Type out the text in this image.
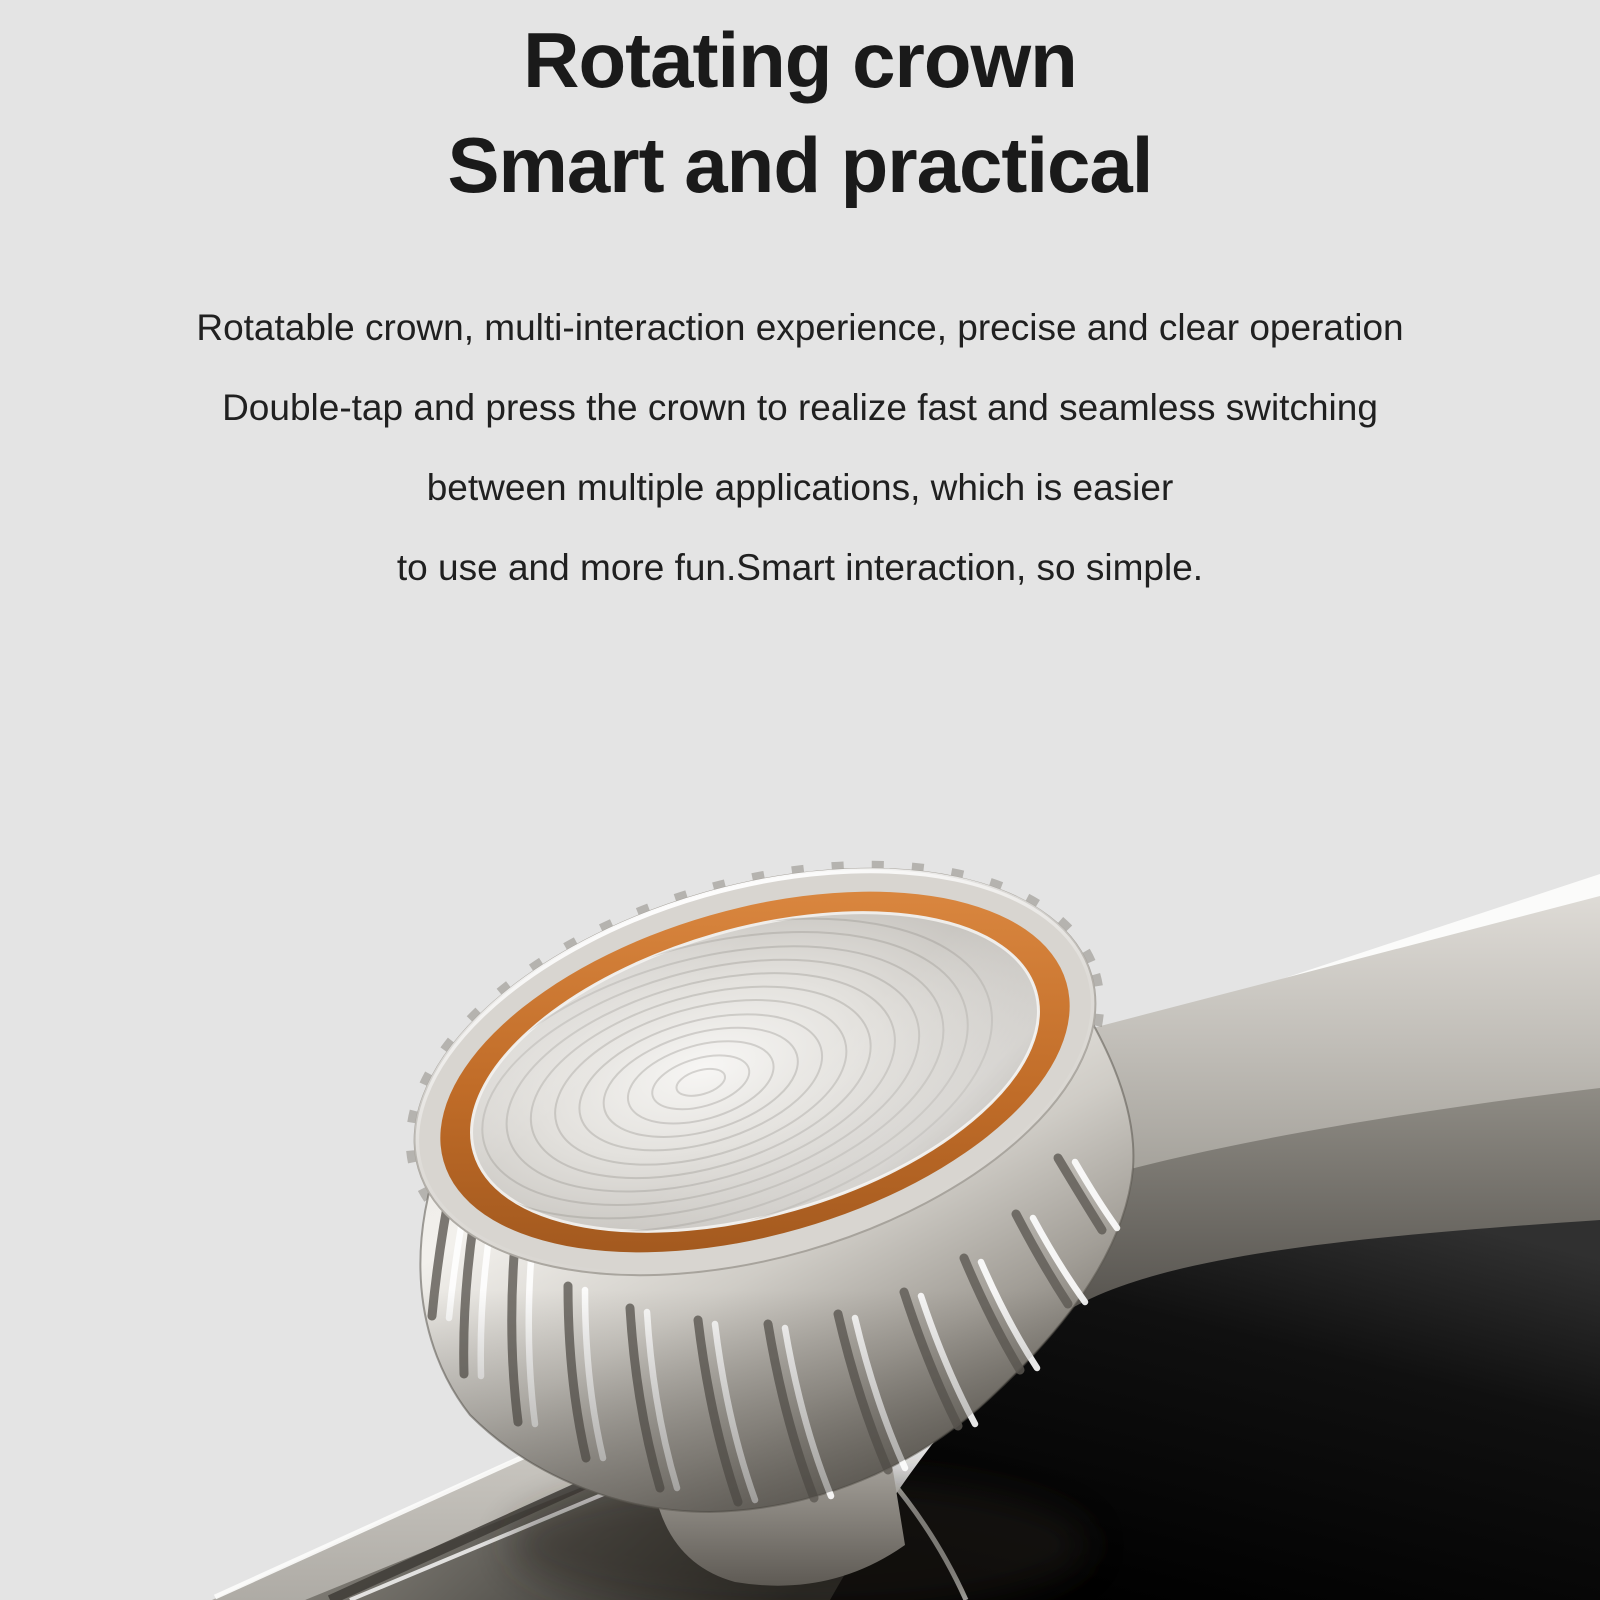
Rotating crown
Smart and practical

Rotatable crown, multi-interaction experience, precise and clear operation

Double-tap and press the crown to realize fast and seamless switching

between multiple applications, which is easier

to use and more fun.Smart interaction, so simple.
